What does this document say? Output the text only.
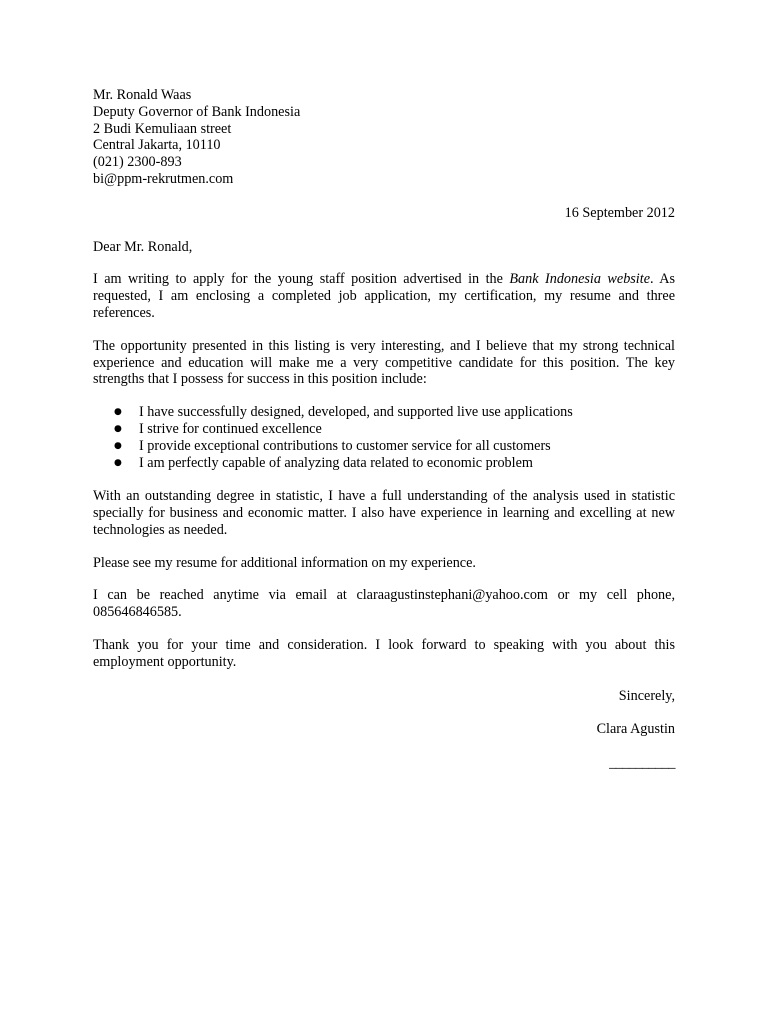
Mr. Ronald Waas
Deputy Governor of Bank Indonesia
2 Budi Kemuliaan street
Central Jakarta, 10110
(021) 2300-893
bi@ppm-rekrutmen.com
16 September 2012
Dear Mr. Ronald,

I am writing to apply for the young staff position advertised in the Bank Indonesia website. As requested, I am enclosing a completed job application, my certification, my resume and three references.

The opportunity presented in this listing is very interesting, and I believe that my strong technical experience and education will make me a very competitive candidate for this position. The key strengths that I possess for success in this position include:

● I have successfully designed, developed, and supported live use applications
● I strive for continued excellence
● I provide exceptional contributions to customer service for all customers
● I am perfectly capable of analyzing data related to economic problem

With an outstanding degree in statistic, I have a full understanding of the analysis used in statistic specially for business and economic matter. I also have experience in learning and excelling at new technologies as needed.

Please see my resume for additional information on my experience.

I can be reached anytime via email at claraagustinstephani@yahoo.com or my cell phone, 085646846585.

Thank you for your time and consideration. I look forward to speaking with you about this employment opportunity.

Sincerely,
Clara Agustin
__________
